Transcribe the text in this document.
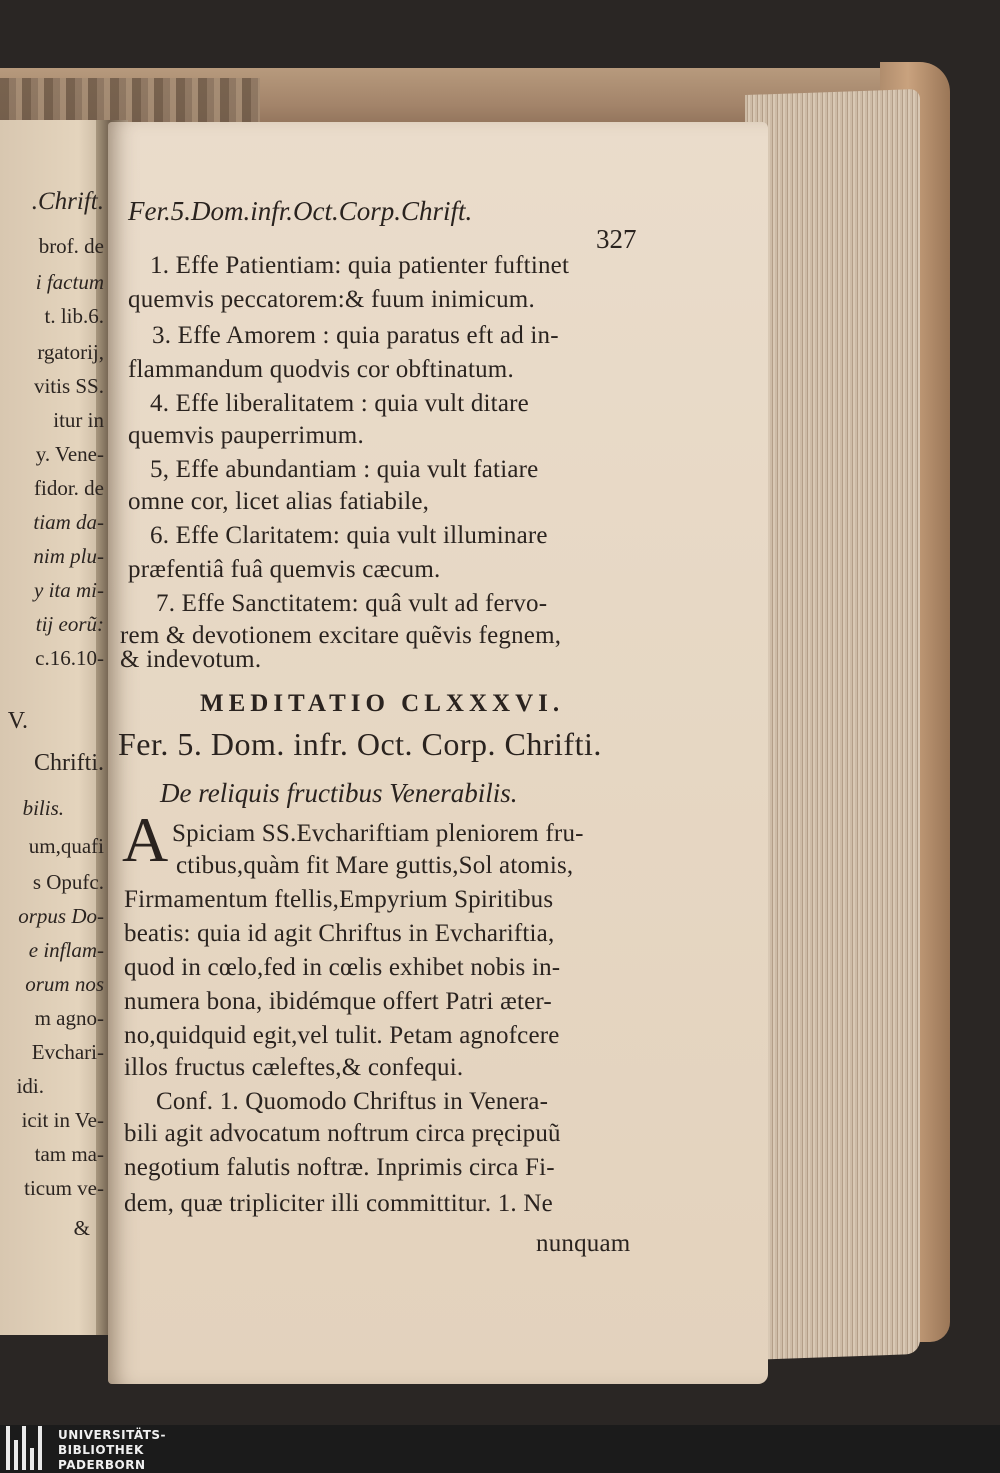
.Chrift.
brof. de
i factum
t. lib.6.
rgatorij,
vitis SS.
itur in
y. Vene-
fidor. de
tiam da-
nim plu-
y ita mi-
tij eorũ:
c.16.10-
V.
Chrifti.
bilis.
um,quafi
s Opufc.
orpus Do-
e inflam-
orum nos
m agno-
Evchari-
idi.
icit in Ve-
tam ma-
ticum ve-
&
Fer.5.Dom.infr.Oct.Corp.Chrift.
327
1. Effe Patientiam: quia patienter fuftinet
quemvis peccatorem:& fuum inimicum.
3. Effe Amorem : quia paratus eft ad in-
flammandum quodvis cor obftinatum.
4. Effe liberalitatem : quia vult ditare
quemvis pauperrimum.
5, Effe abundantiam : quia vult fatiare
omne cor, licet alias fatiabile,
6. Effe Claritatem: quia vult illuminare
præfentiâ fuâ quemvis cæcum.
7. Effe Sanctitatem: quâ vult ad fervo-
rem & devotionem excitare quẽvis fegnem,
& indevotum.
MEDITATIO CLXXXVI.
Fer. 5. Dom. infr. Oct. Corp. Chrifti.
De reliquis fructibus Venerabilis.
A Spiciam SS.Evchariftiam pleniorem fru-
ctibus,quàm fit Mare guttis,Sol atomis,
Firmamentum ftellis,Empyrium Spiritibus
beatis: quia id agit Chriftus in Evchariftia,
quod in cœlo,fed in cœlis exhibet nobis in-
numera bona, ibidémque offert Patri æter-
no,quidquid egit,vel tulit. Petam agnofcere
illos fructus cæleftes,& confequi.
Conf. 1. Quomodo Chriftus in Venera-
bili agit advocatum noftrum circa pręcipuũ
negotium falutis noftræ. Inprimis circa Fi-
dem, quæ tripliciter illi committitur. 1. Ne
nunquam
UNIVERSITÄTS-
BIBLIOTHEK
PADERBORN
